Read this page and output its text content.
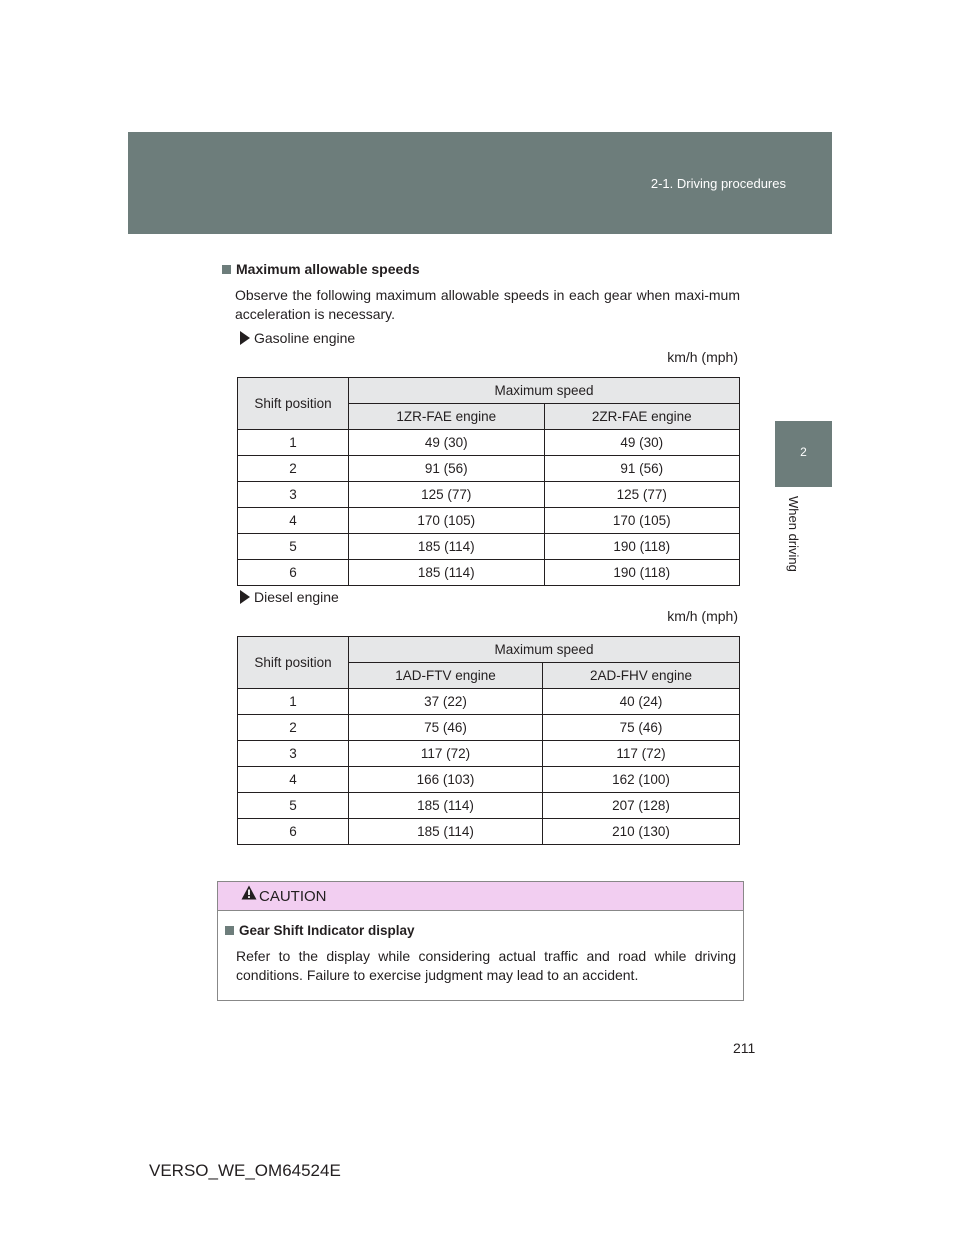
2-1. Driving procedures
2
When driving
Maximum allowable speeds
Observe the following maximum allowable speeds in each gear when maxi-mum acceleration is necessary.
Gasoline engine
km/h (mph)
Shift position	Maximum speed	
	1ZR-FAE engine	2ZR-FAE engine
1	49 (30)	49 (30)
2	91 (56)	91 (56)
3	125 (77)	125 (77)
4	170 (105)	170 (105)
5	185 (114)	190 (118)
6	185 (114)	190 (118)
Diesel engine
km/h (mph)
Shift position	Maximum speed	
	1AD-FTV engine	2AD-FHV engine
1	37 (22)	40 (24)
2	75 (46)	75 (46)
3	117 (72)	117 (72)
4	166 (103)	162 (100)
5	185 (114)	207 (128)
6	185 (114)	210 (130)
CAUTION
Gear Shift Indicator display
Refer to the display while considering actual traffic and road while driving conditions. Failure to exercise judgment may lead to an accident.
211
VERSO_WE_OM64524E
